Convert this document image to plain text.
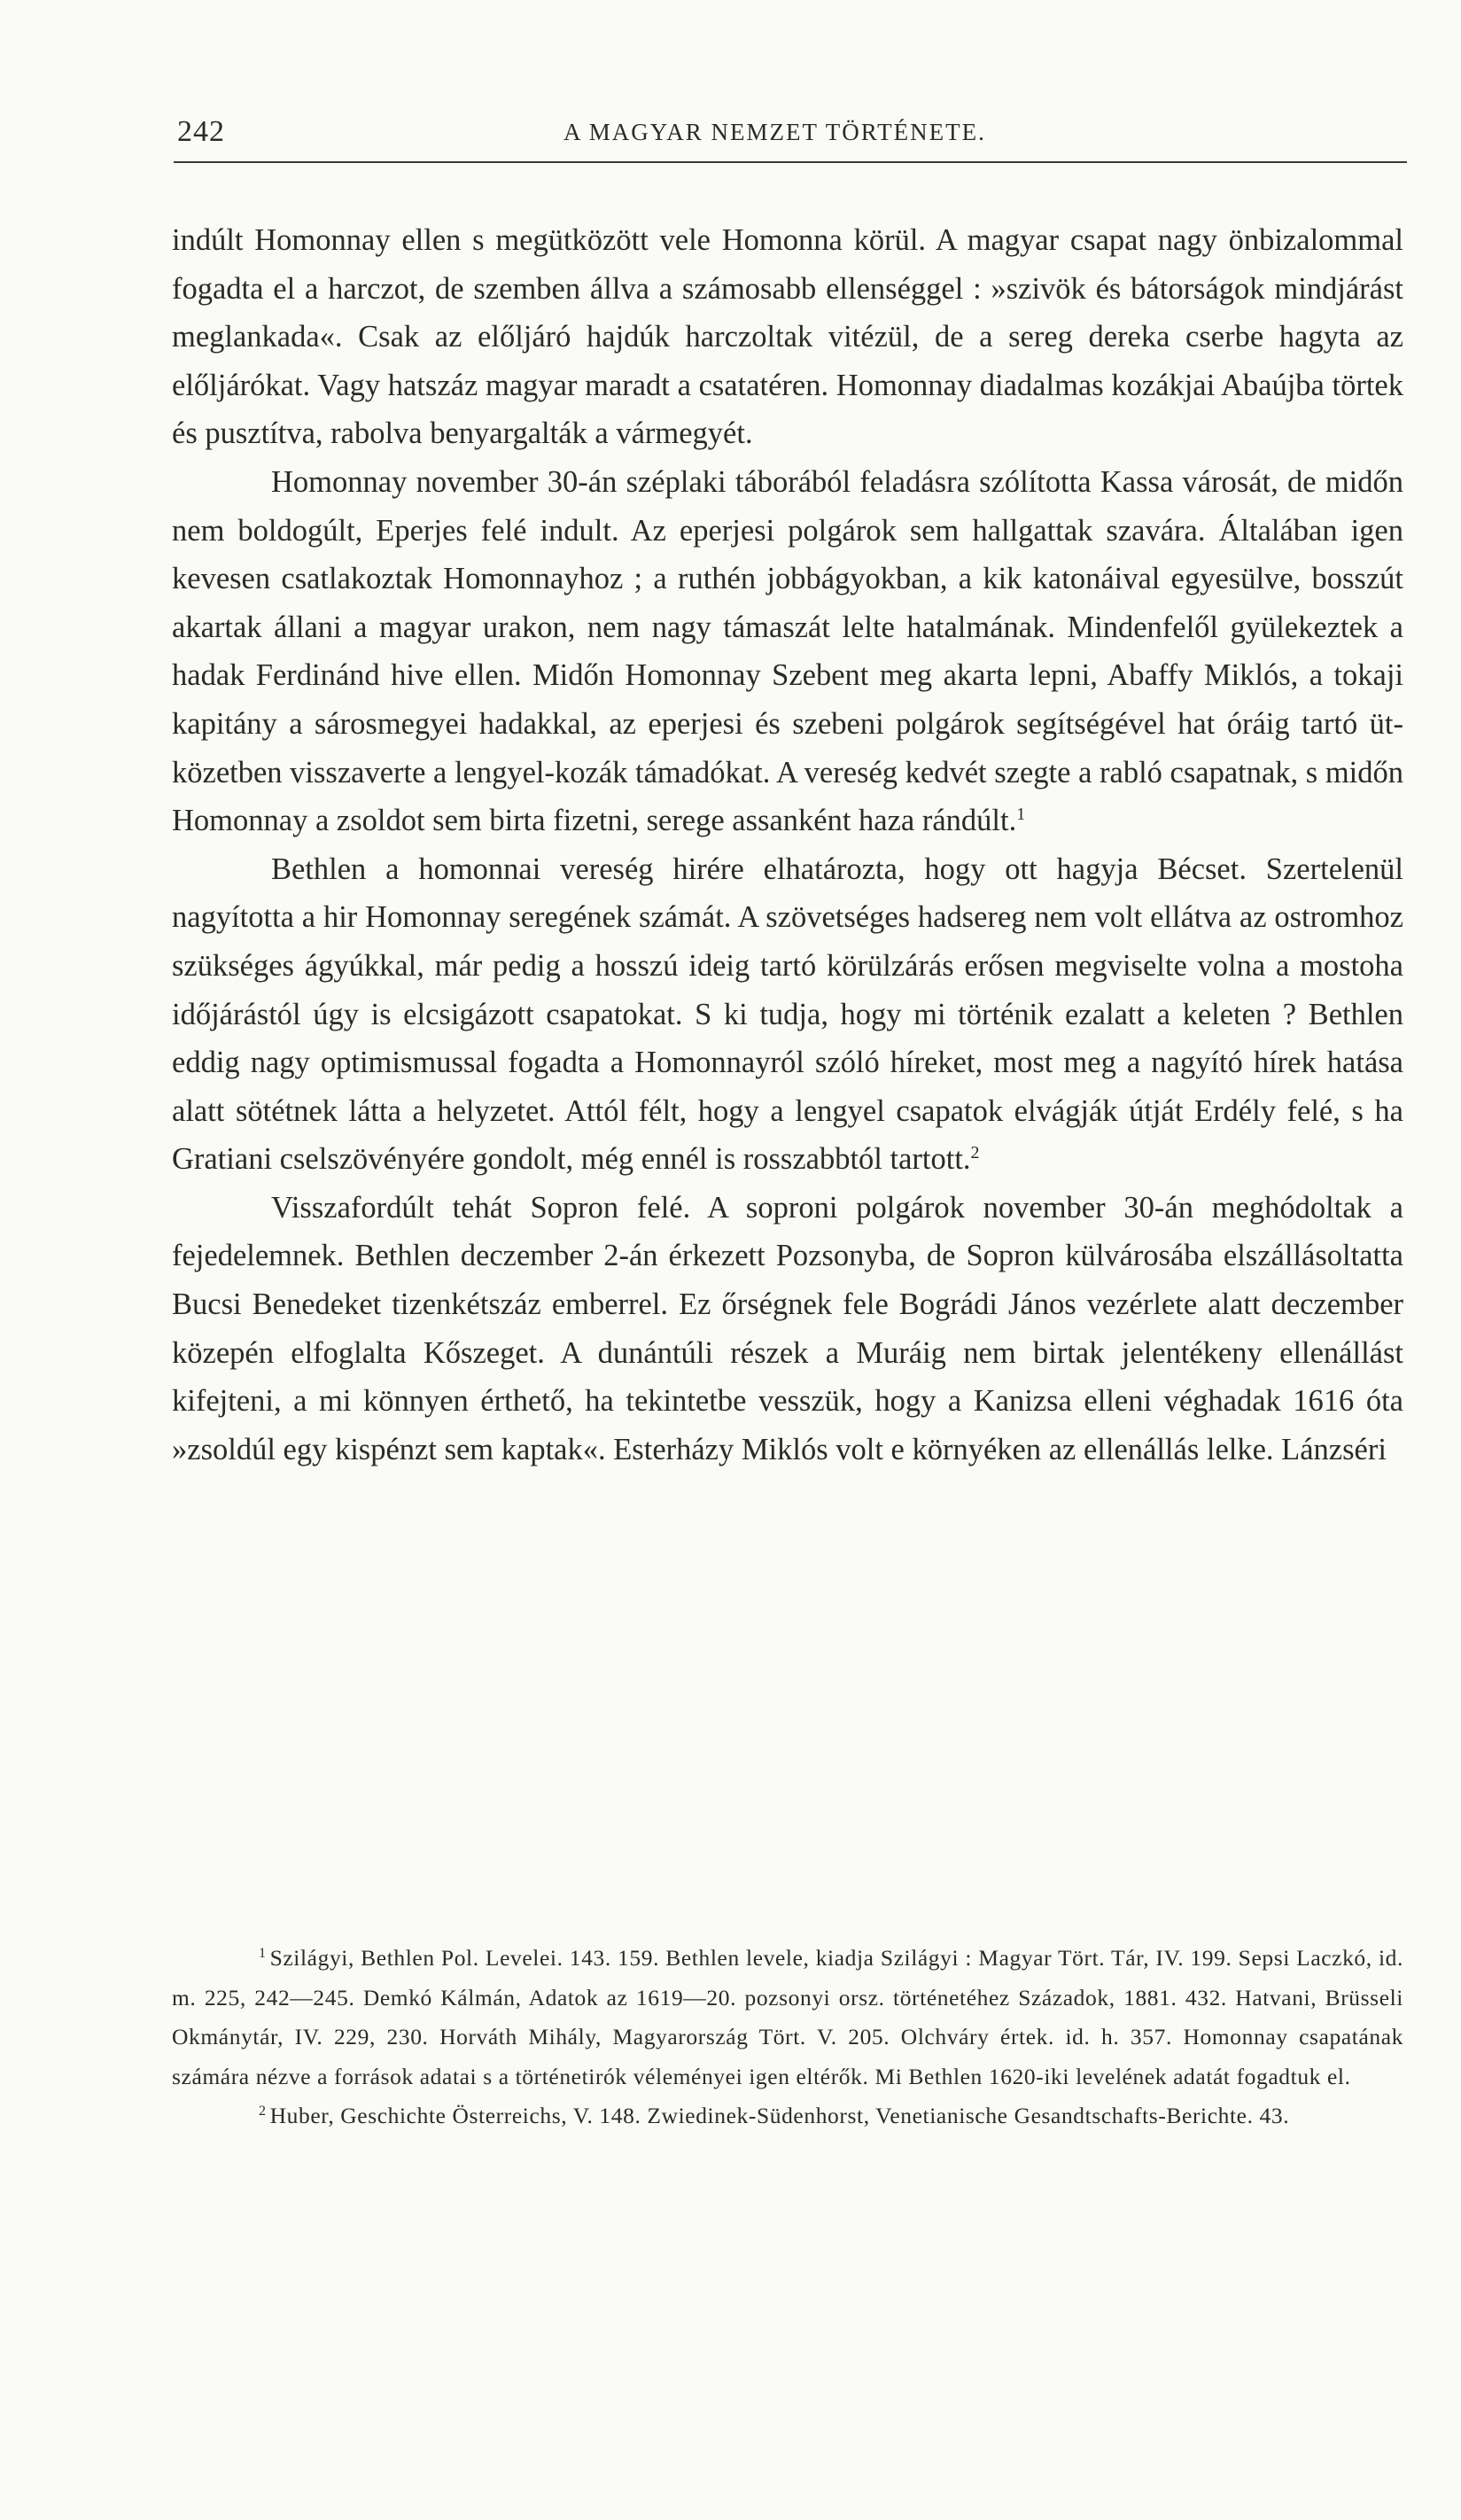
242	A MAGYAR NEMZET TÖRTÉNETE.

indúlt Homonnay ellen s megütközött vele Homonna körül. A magyar csapat nagy önbizalommal fogadta el a harczot, de szemben állva a számosabb ellenséggel : »szivök és bátorságok mindjárást meglankada«. Csak az előljáró hajdúk harczoltak vitézül, de a sereg dereka cserbe hagyta az előljárókat. Vagy hatszáz magyar maradt a csatatéren. Homonnay diadalmas kozákjai Abaújba törtek és pusztítva, rabolva benyargalták a vármegyét.

Homonnay november 30-án széplaki táborából feladásra szólította Kassa városát, de midőn nem boldogúlt, Eperjes felé indult. Az eperjesi polgárok sem hallgattak szavára. Általában igen kevesen csatlakoztak Homonnayhoz ; a ruthén jobbágyokban, a kik katonáival egyesülve, bosszút akartak állani a magyar urakon, nem nagy támaszát lelte hatalmának. Mindenfelől gyülekeztek a hadak Ferdinánd hive ellen. Midőn Homonnay Szebent meg akarta lepni, Abaffy Miklós, a tokaji kapitány a sárosmegyei hadakkal, az eperjesi és szebeni polgárok segítségével hat óráig tartó ütközetben visszaverte a lengyel-kozák támadókat. A vereség kedvét szegte a rabló csapatnak, s midőn Homonnay a zsoldot sem birta fizetni, serege assanként haza rándúlt.$^1$

Bethlen a homonnai vereség hirére elhatározta, hogy ott hagyja Bécset. Szertelenül nagyította a hir Homonnay seregének számát. A szövetséges hadsereg nem volt ellátva az ostromhoz szükséges ágyúkkal, már pedig a hosszú ideig tartó körülzárás erősen megviselte volna a mostoha időjárástól úgy is elcsigázott csapatokat. S ki tudja, hogy mi történik ezalatt a keleten ? Bethlen eddig nagy optimismussal fogadta a Homonnayról szóló híreket, most meg a nagyító hírek hatása alatt sötétnek látta a helyzetet. Attól félt, hogy a lengyel csapatok elvágják útját Erdély felé, s ha Gratiani cselszövényére gondolt, még ennél is rosszabbtól tartott.$^2$

Visszafordúlt tehát Sopron felé. A soproni polgárok november 30-án meghódoltak a fejedelemnek. Bethlen deczember 2-án érkezett Pozsonyba, de Sopron külvárosába elszállásoltatta Bucsi Benedeket tizenkétszáz emberrel. Ez őrségnek fele Bográdi János vezérlete alatt deczember közepén elfoglalta Kőszeget. A dunántúli részek a Muráig nem birtak jelentékeny ellenállást kifejteni, a mi könnyen érthető, ha tekintetbe vesszük, hogy a Kanizsa elleni véghadak 1616 óta »zsoldúl egy kispénzt sem kaptak«. Esterházy Miklós volt e környéken az ellenállás lelke. Lánzséri

$^1$ Szilágyi, Bethlen Pol. Levelei. 143. 159. Bethlen levele, kiadja Szilágyi : Magyar Tört. Tár, IV. 199. Sepsi Laczkó, id. m. 225, 242—245. Demkó Kálmán, Adatok az 1619—20. pozsonyi orsz. történetéhez Századok, 1881. 432. Hatvani, Brüsseli Okmánytár, IV. 229, 230. Horváth Mihály, Magyarország Tört. V. 205. Olchváry értek. id. h. 357. Homonnay csapatának számára nézve a források adatai s a történetirók véleményei igen eltérők. Mi Bethlen 1620-iki levelének adatát fogadtuk el.

$^2$ Huber, Geschichte Österreichs, V. 148. Zwiedinek-Südenhorst, Venetianische Gesandtschafts-Berichte. 43.
